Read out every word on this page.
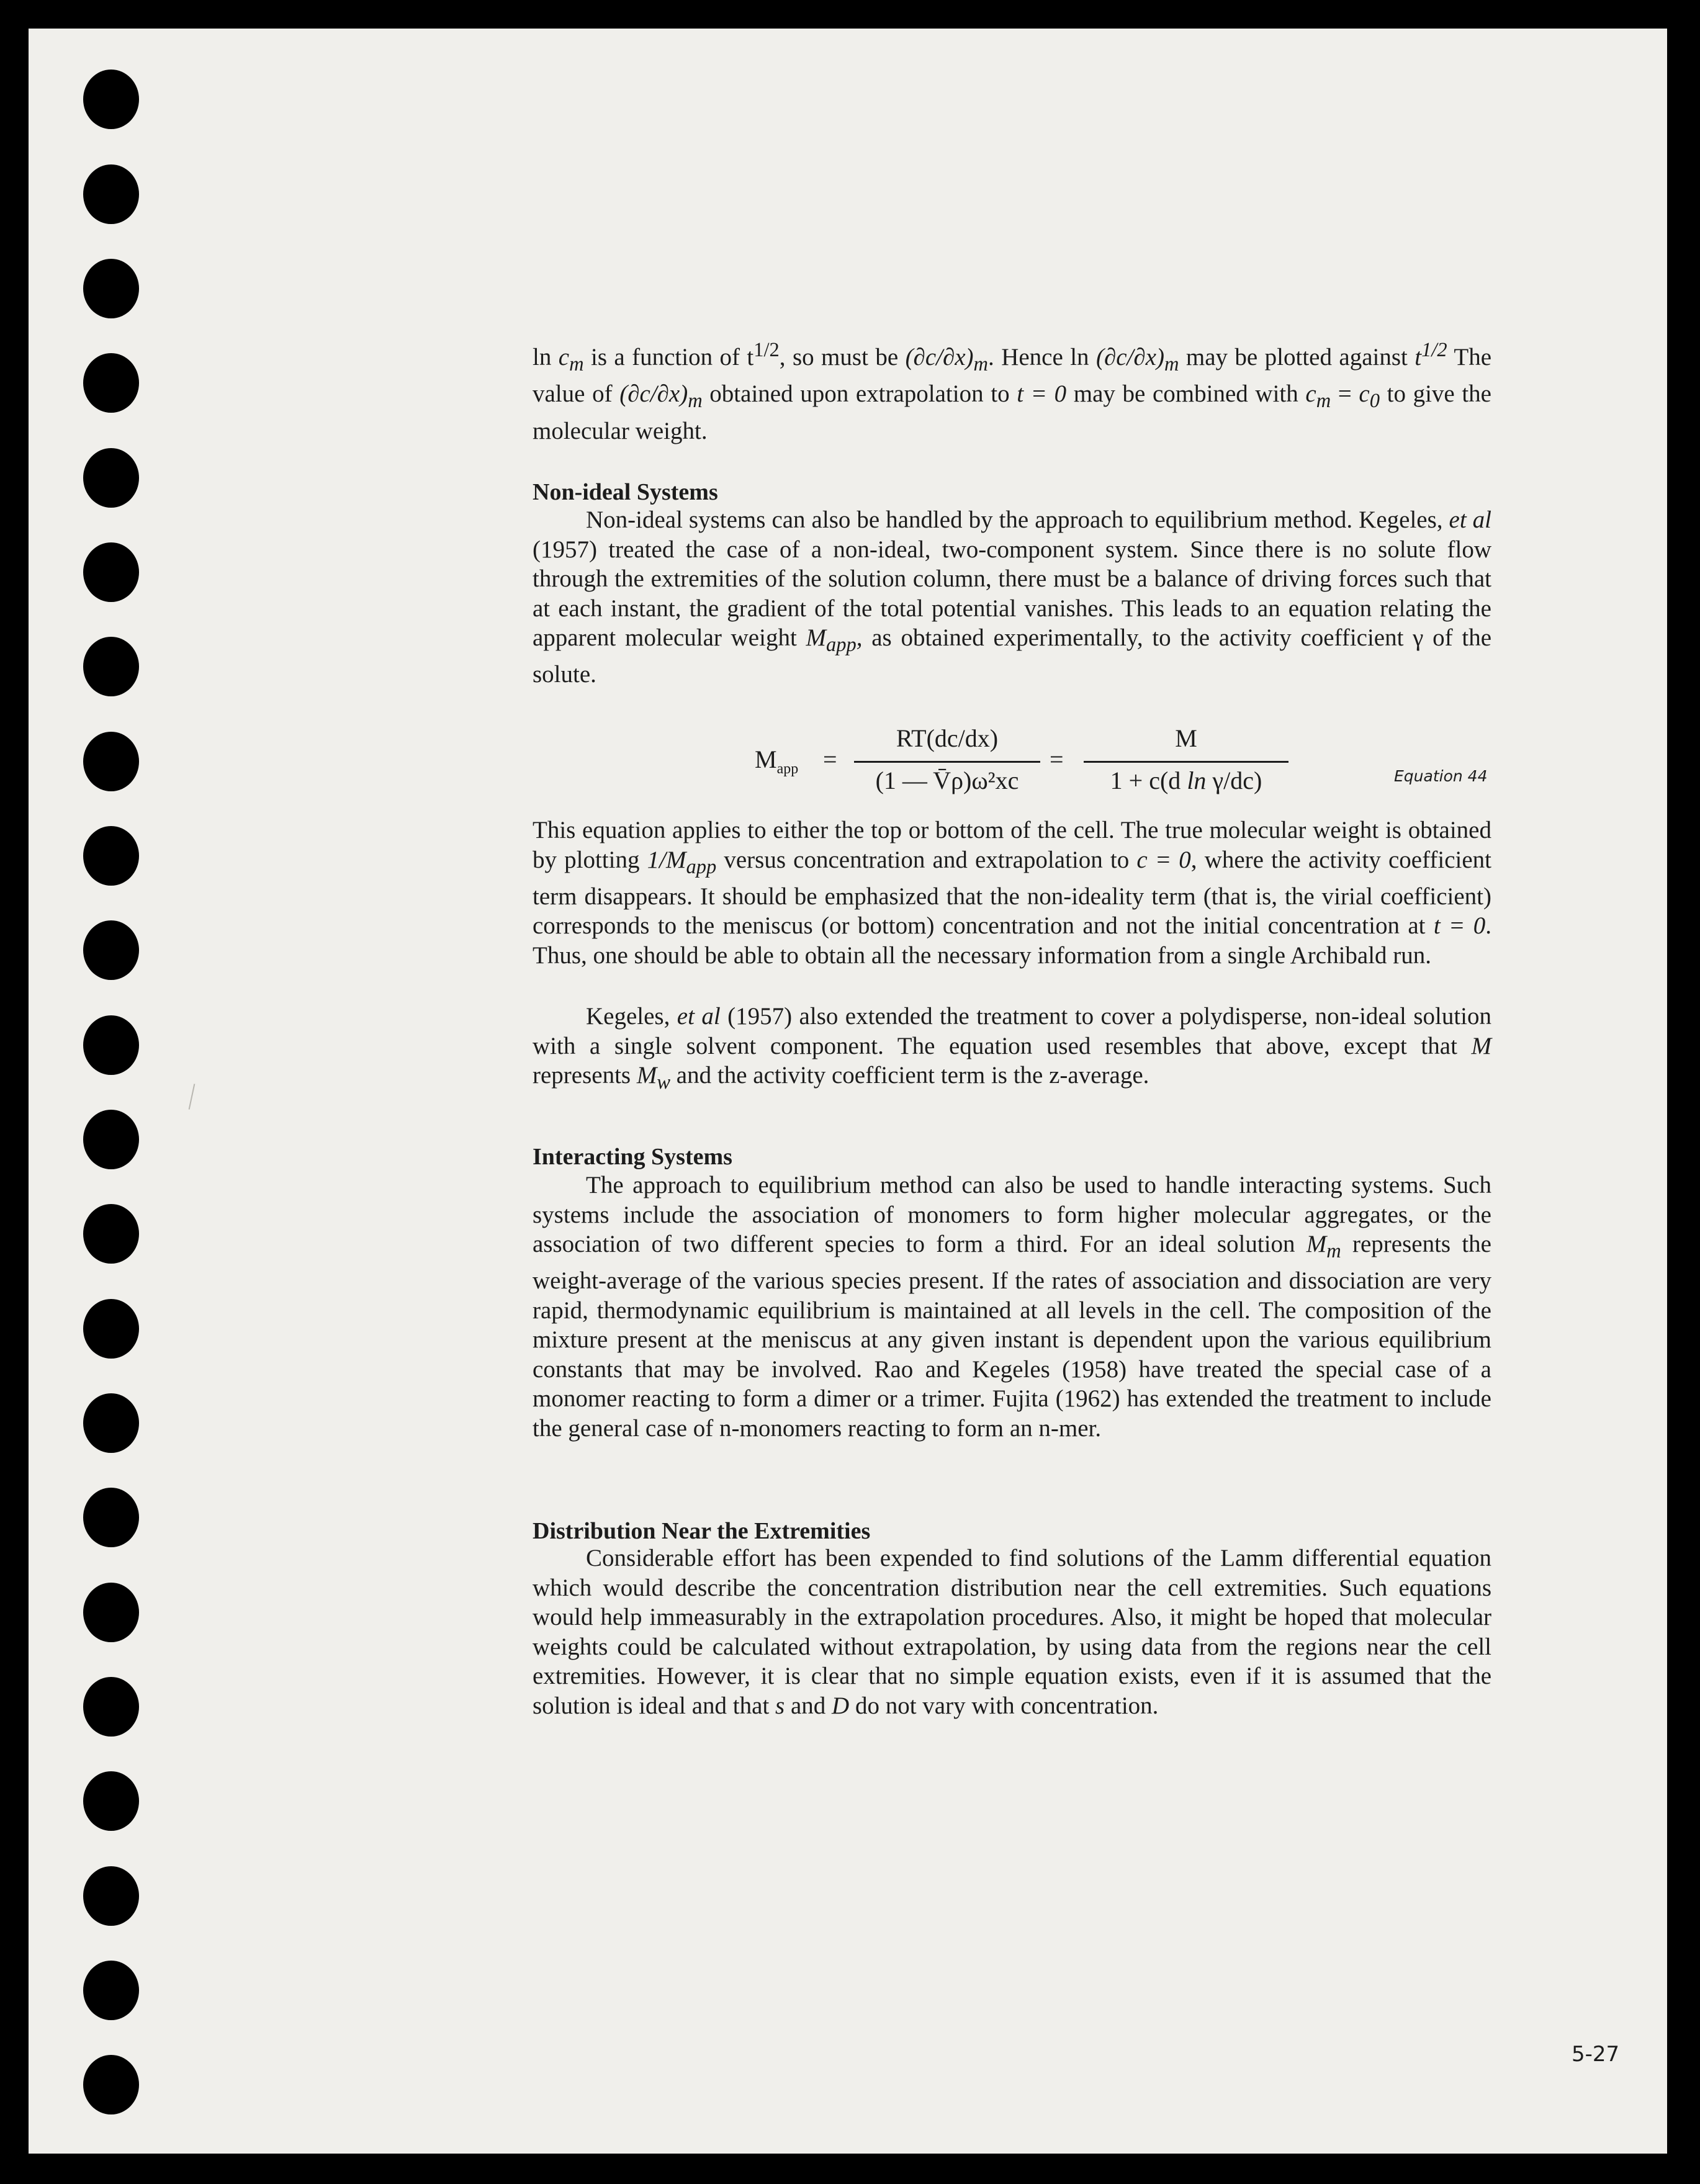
$\ln c_m$ is a function of $t^{1/2}$, so must be $(\partial c/\partial x)_m$. Hence $\ln (\partial c/\partial x)_m$ may be plotted against $t^{1/2}$ The value of $(\partial c/\partial x)_m$ obtained upon extrapolation to t = 0 may be combined with $c_m = c_0$ to give the molecular weight.

Non-ideal Systems

Non-ideal systems can also be handled by the approach to equilibrium method. Kegeles, et al (1957) treated the case of a non-ideal, two-component system. Since there is no solute flow through the extremities of the solution column, there must be a balance of driving forces such that at each instant, the gradient of the total potential vanishes. This leads to an equation relating the apparent molecular weight $M_{app}$, as obtained experimentally, to the activity coefficient γ of the solute.

$M_{app}$ =
RT(dc/dx)
(1 — V̄ρ)ω²xc
=
M
1 + c(d ln γ/dc)	Equation 44

This equation applies to either the top or bottom of the cell. The true molecular weight is obtained by plotting $1/M_{app}$ versus concentration and extrapolation to c = 0, where the activity coefficient term disappears. It should be emphasized that the non-ideality term (that is, the virial coefficient) corresponds to the meniscus (or bottom) concentration and not the initial concentration at t = 0. Thus, one should be able to obtain all the necessary information from a single Archibald run.

Kegeles, et al (1957) also extended the treatment to cover a polydisperse, non-ideal solution with a single solvent component. The equation used resembles that above, except that M represents $M_w$ and the activity coefficient term is the z-average.

Interacting Systems

The approach to equilibrium method can also be used to handle interacting systems. Such systems include the association of monomers to form higher molecular aggregates, or the association of two different species to form a third. For an ideal solution $M_m$ represents the weight-average of the various species present. If the rates of association and dissociation are very rapid, thermodynamic equilibrium is maintained at all levels in the cell. The composition of the mixture present at the meniscus at any given instant is dependent upon the various equilibrium constants that may be involved. Rao and Kegeles (1958) have treated the special case of a monomer reacting to form a dimer or a trimer. Fujita (1962) has extended the treatment to include the general case of n-monomers reacting to form an n-mer.

Distribution Near the Extremities

Considerable effort has been expended to find solutions of the Lamm differential equation which would describe the concentration distribution near the cell extremities. Such equations would help immeasurably in the extrapolation procedures. Also, it might be hoped that molecular weights could be calculated without extrapolation, by using data from the regions near the cell extremities. However, it is clear that no simple equation exists, even if it is assumed that the solution is ideal and that s and D do not vary with concentration.

5-27
